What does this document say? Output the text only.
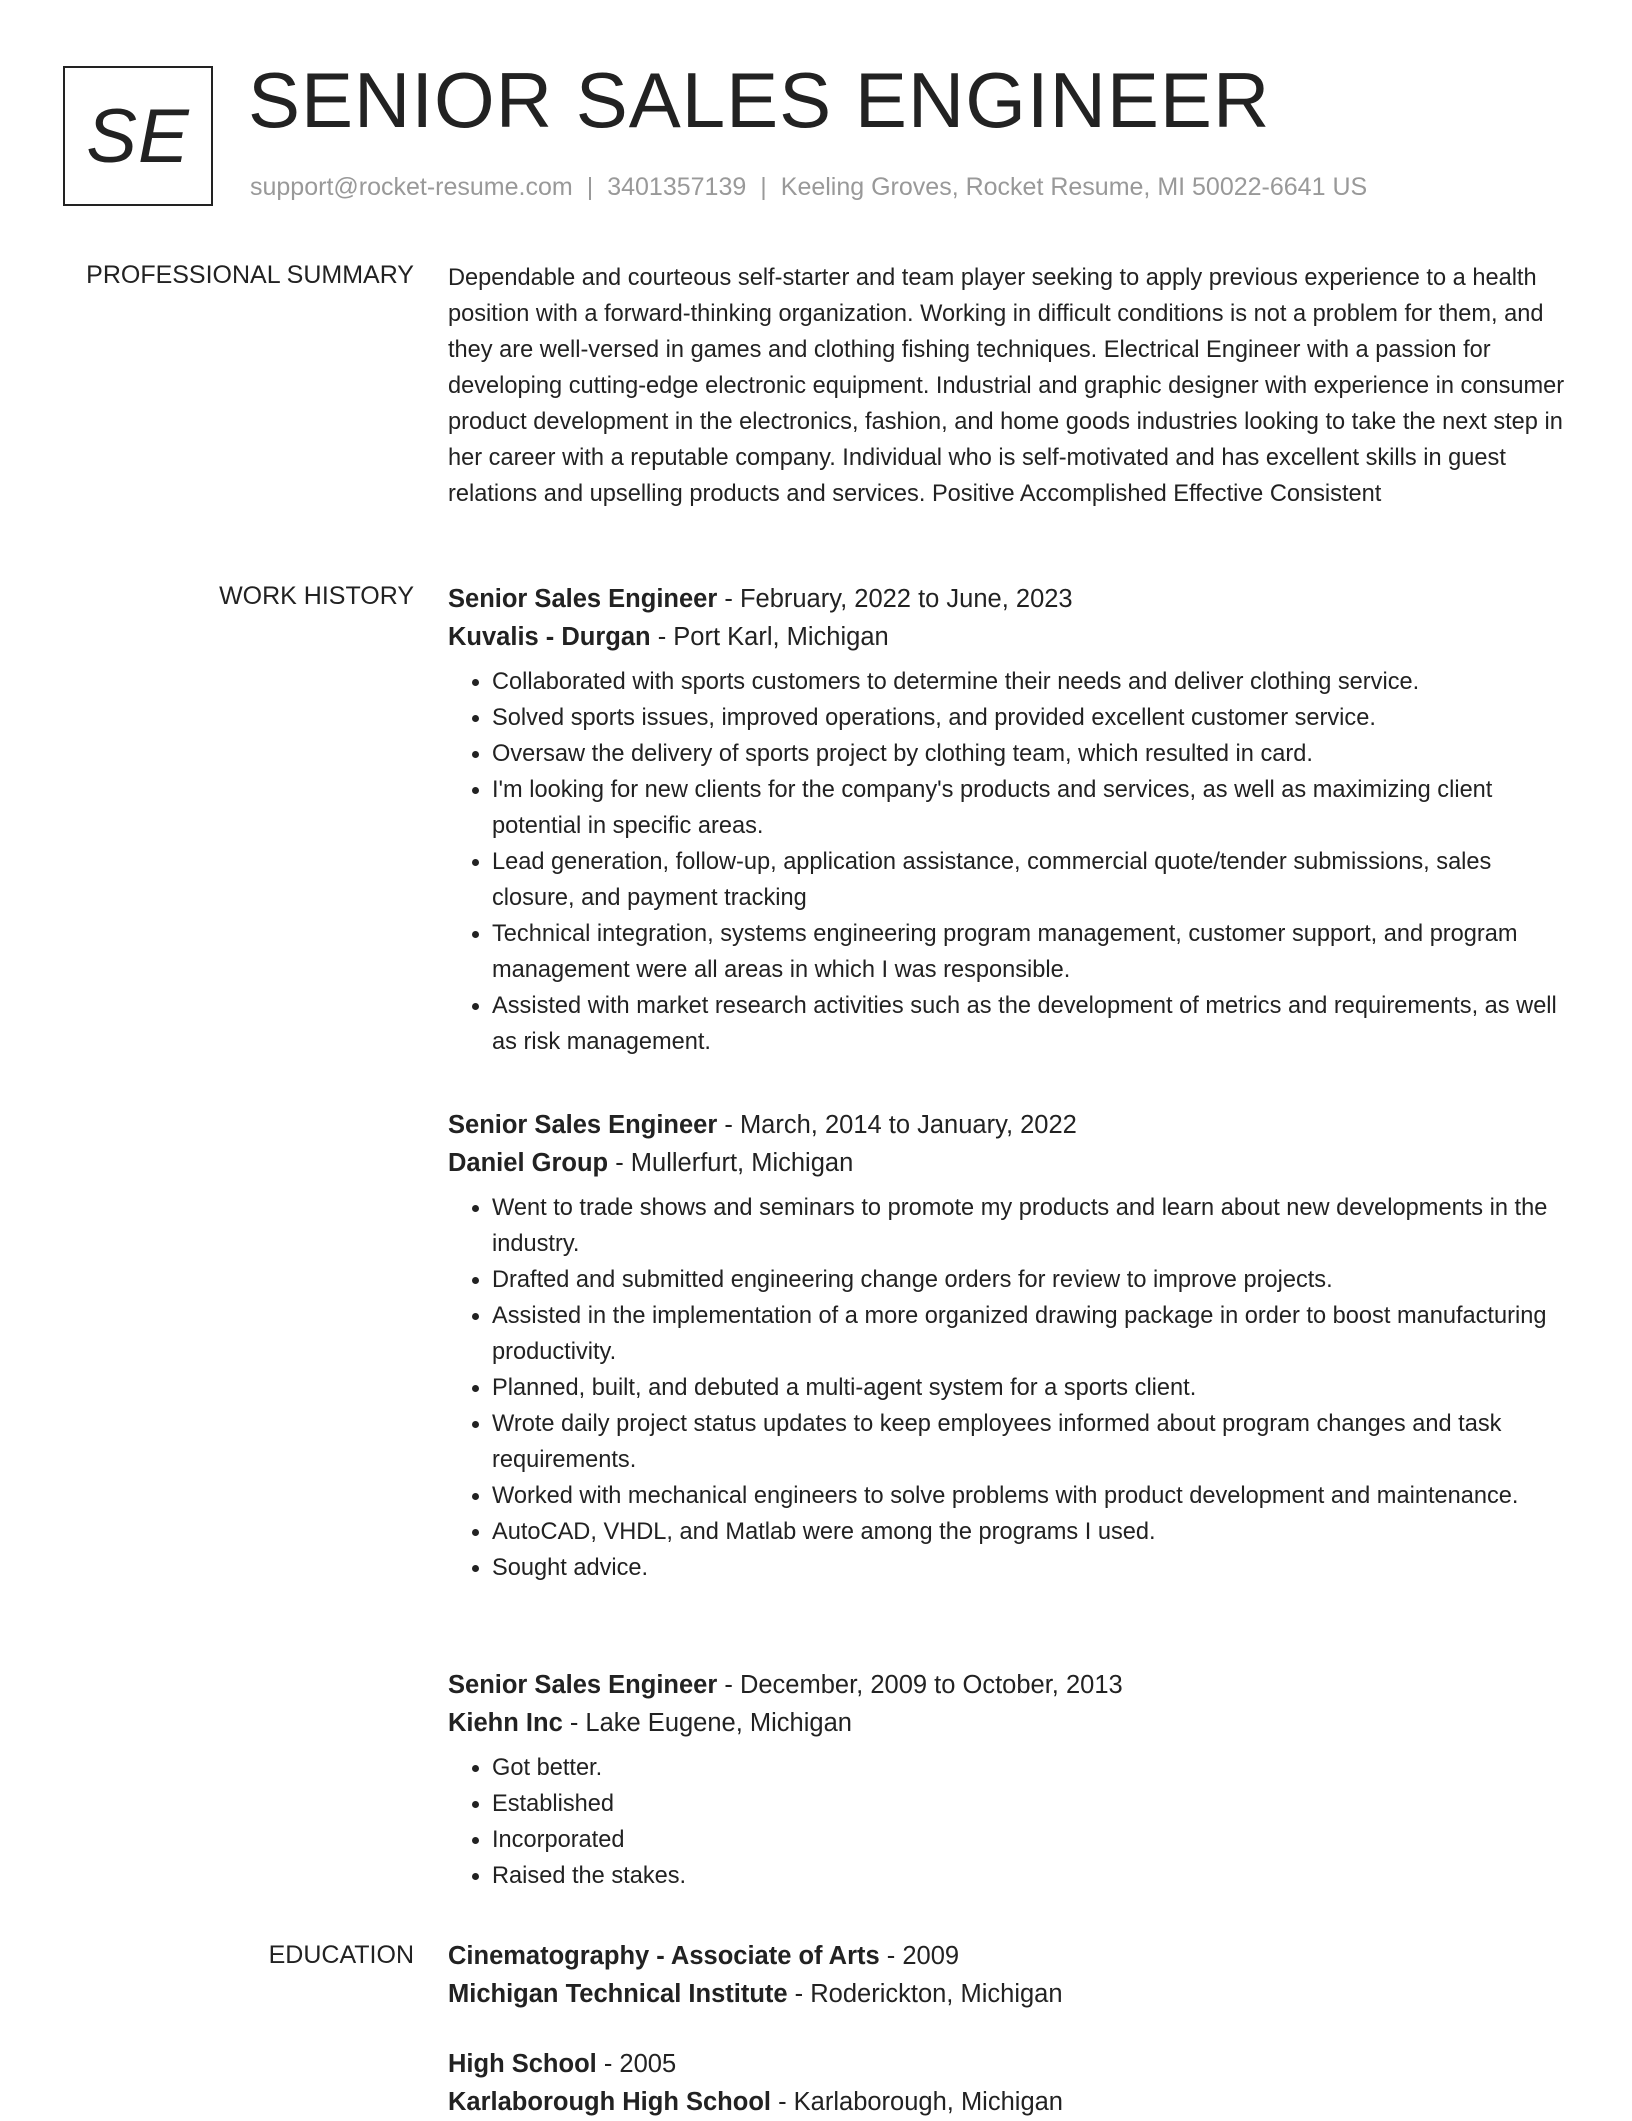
SE SENIOR SALES ENGINEER
support@rocket-resume.com | 3401357139 | Keeling Groves, Rocket Resume, MI 50022-6641 US
PROFESSIONAL SUMMARY Dependable and courteous self-starter and team player seeking to apply previous experience to a health position with a forward-thinking organization. Working in difficult conditions is not a problem for them, and they are well-versed in games and clothing fishing techniques. Electrical Engineer with a passion for developing cutting-edge electronic equipment. Industrial and graphic designer with experience in consumer product development in the electronics, fashion, and home goods industries looking to take the next step in her career with a reputable company. Individual who is self-motivated and has excellent skills in guest relations and upselling products and services. Positive Accomplished Effective Consistent

WORK HISTORY Senior Sales Engineer - February, 2022 to June, 2023
Kuvalis - Durgan - Port Karl, Michigan
• Collaborated with sports customers to determine their needs and deliver clothing service.
• Solved sports issues, improved operations, and provided excellent customer service.
• Oversaw the delivery of sports project by clothing team, which resulted in card.
• I'm looking for new clients for the company's products and services, as well as maximizing client potential in specific areas.
• Lead generation, follow-up, application assistance, commercial quote/tender submissions, sales closure, and payment tracking
• Technical integration, systems engineering program management, customer support, and program management were all areas in which I was responsible.
• Assisted with market research activities such as the development of metrics and requirements, as well as risk management.
Senior Sales Engineer - March, 2014 to January, 2022
Daniel Group - Mullerfurt, Michigan
• Went to trade shows and seminars to promote my products and learn about new developments in the industry.
• Drafted and submitted engineering change orders for review to improve projects.
• Assisted in the implementation of a more organized drawing package in order to boost manufacturing productivity.
• Planned, built, and debuted a multi-agent system for a sports client.
• Wrote daily project status updates to keep employees informed about program changes and task requirements.
• Worked with mechanical engineers to solve problems with product development and maintenance.
• AutoCAD, VHDL, and Matlab were among the programs I used.
• Sought advice.
Senior Sales Engineer - December, 2009 to October, 2013
Kiehn Inc - Lake Eugene, Michigan
• Got better.
• Established
• Incorporated
• Raised the stakes.
EDUCATION Cinematography - Associate of Arts - 2009
Michigan Technical Institute - Roderickton, Michigan
High School - 2005
Karlaborough High School - Karlaborough, Michigan
